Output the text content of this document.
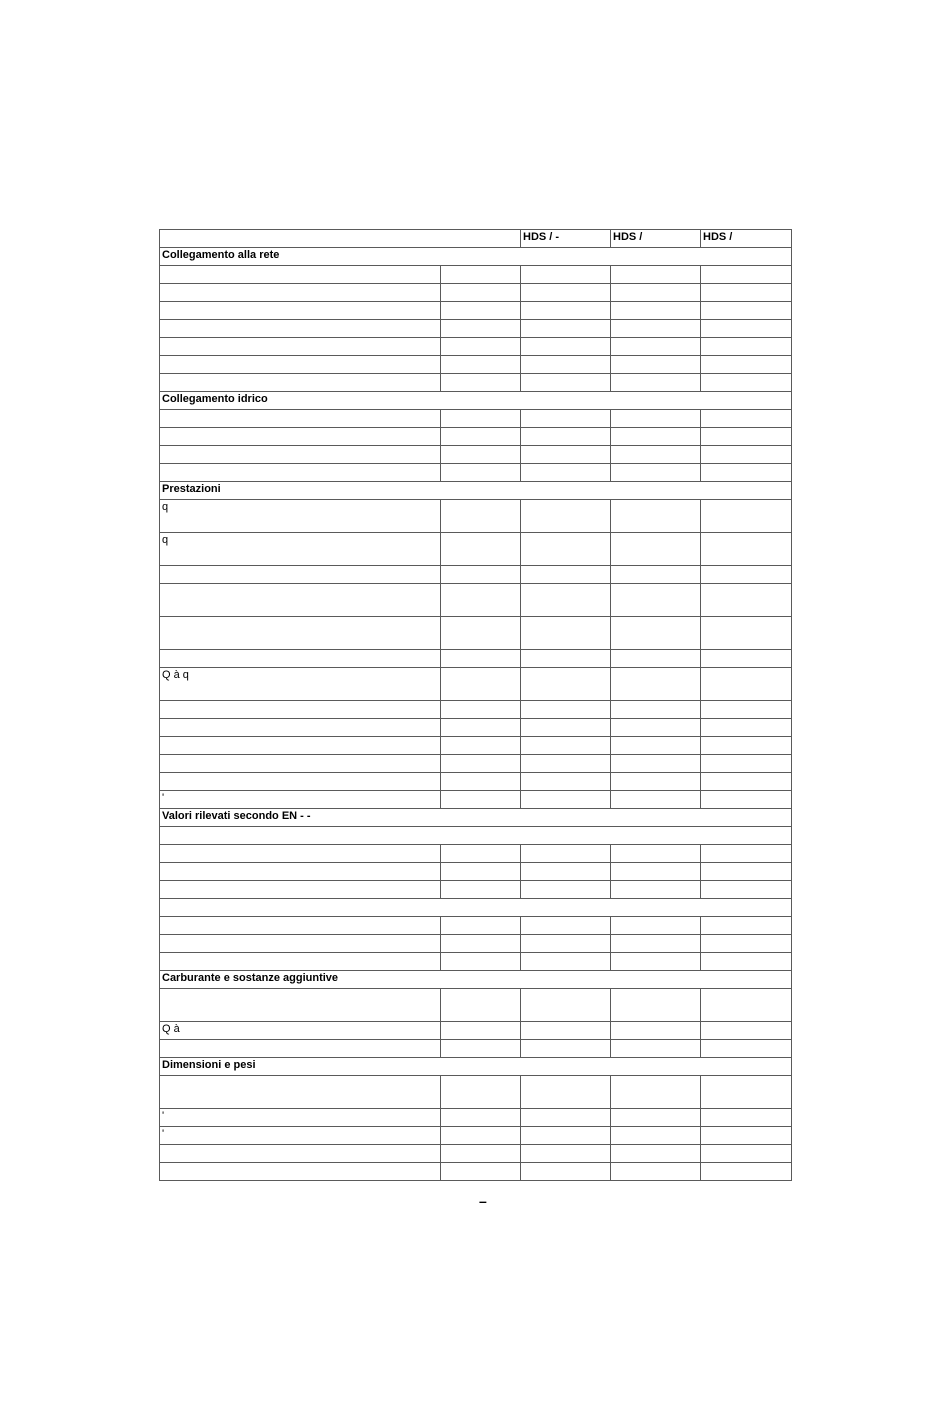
		HDS / -	HDS /	HDS /
Collegamento alla rete				

Collegamento idrico				

Prestazioni				
q				
q				

Q à q				

'				
Valori rilevati secondo EN - -				

Carburante e sostanze aggiuntive				

Q à				

Dimensioni e pesi				

'				
'				

–
